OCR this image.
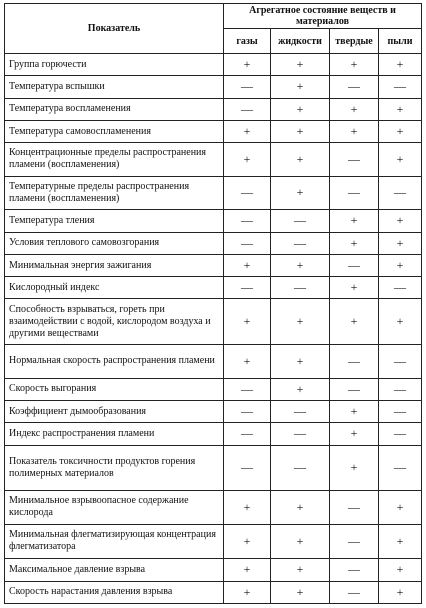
Показатель	Агрегатное состояние веществ и материалов			
	газы	жидкости	твердые	пыли
Группа горючести	+	+	+	+
Температура вспышки	—	+	—	—
Температура воспламенения	—	+	+	+
Температура самовоспламенения	+	+	+	+
Концентрационные пределы распространения пламени (воспламенения)	+	+	—	+
Температурные пределы распространения пламени (воспламенения)	—	+	—	—
Температура тления	—	—	+	+
Условия теплового самовозгорания	—	—	+	+
Минимальная энергия зажигания	+	+	—	+
Кислородный индекс	—	—	+	—
Способность взрываться, гореть при взаимодействии с водой, кислородом воздуха и другими веществами	+	+	+	+
Нормальная скорость распространения пламени	+	+	—	—
Скорость выгорания	—	+	—	—
Коэффициент дымообразования	—	—	+	—
Индекс распространения пламени	—	—	+	—
Показатель токсичности продуктов горения полимерных материалов	—	—	+	—
Минимальное взрывоопасное содержание кислорода	+	+	—	+
Минимальная флегматизирующая концентрация флегматизатора	+	+	—	+
Максимальное давление взрыва	+	+	—	+
Скорость нарастания давления взрыва	+	+	—	+
